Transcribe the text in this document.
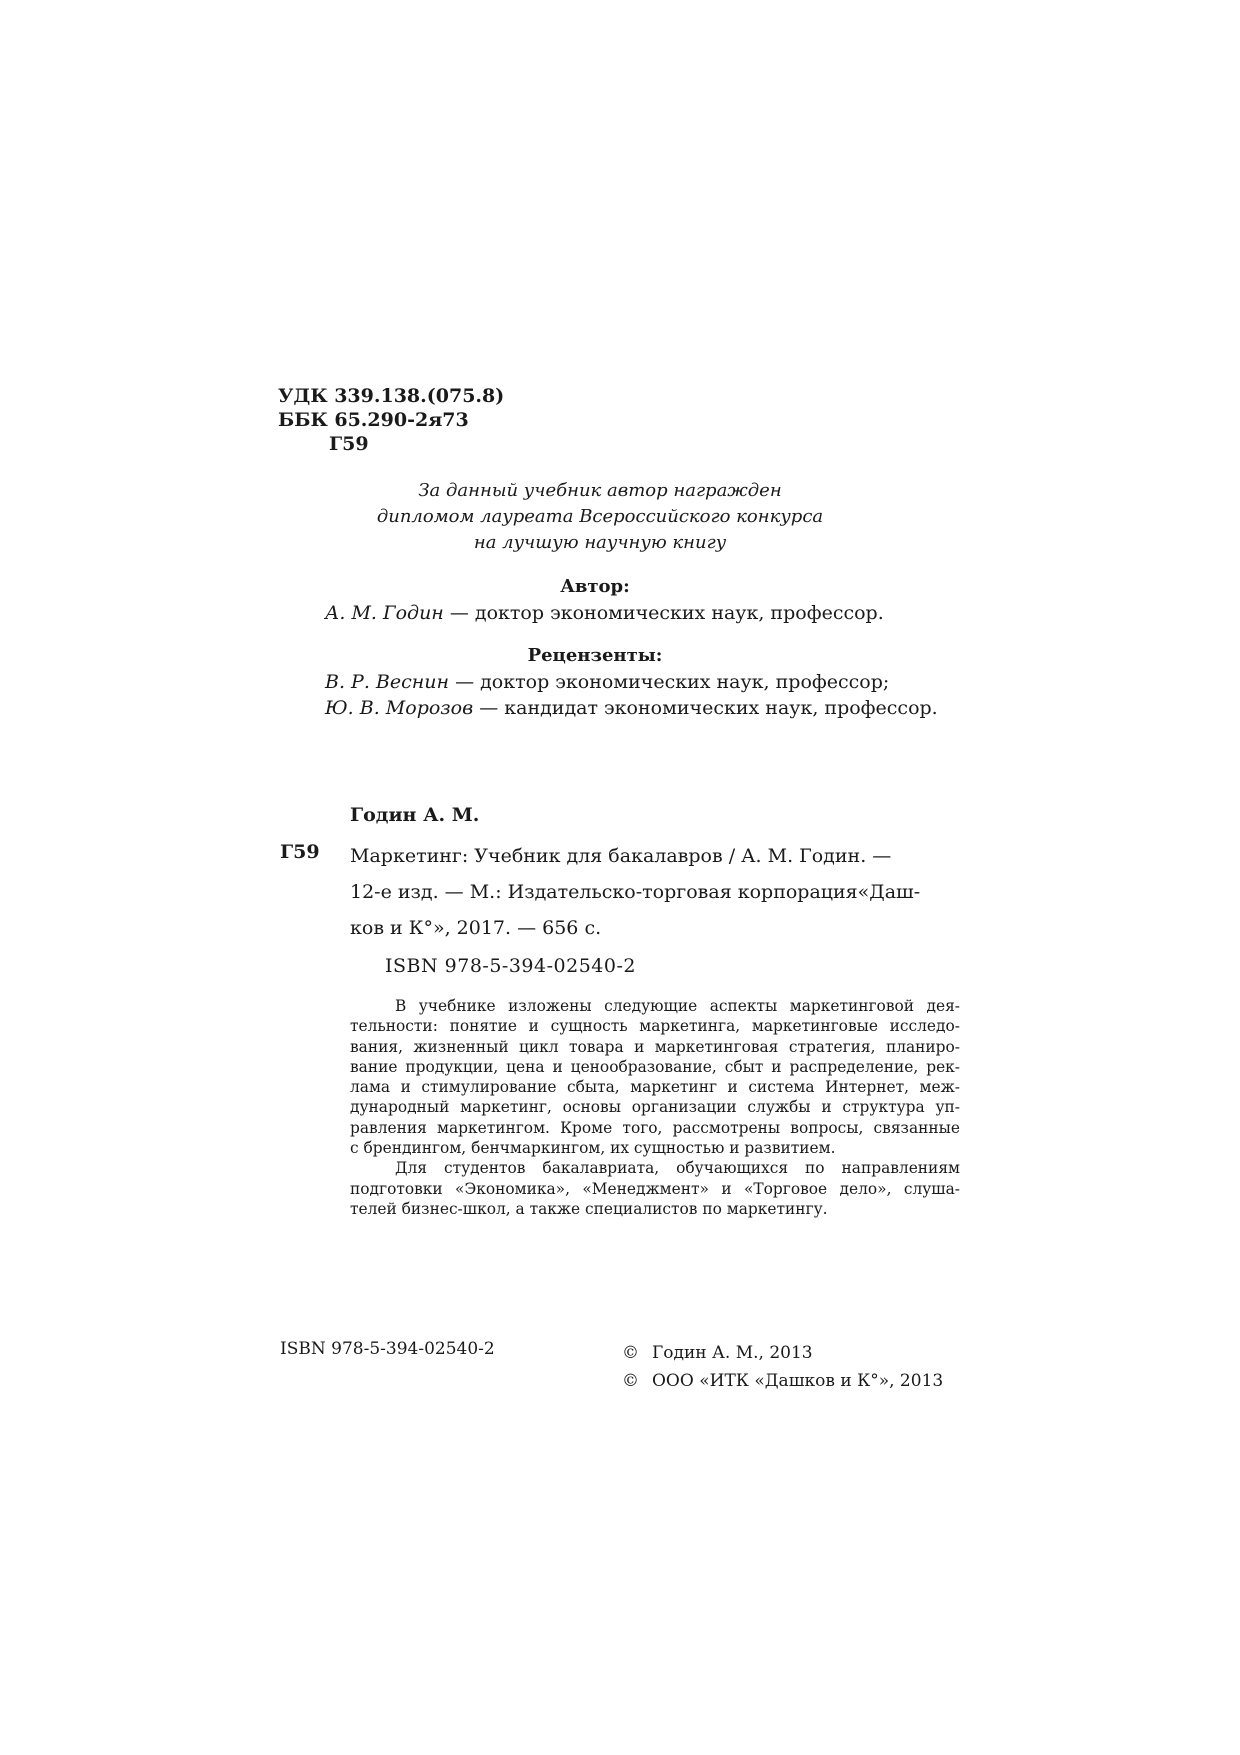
УДК 339.138.(075.8)
ББК 65.290-2я73
Г59
За данный учебник автор награжден
дипломом лауреата Всероссийского конкурса
на лучшую научную книгу
Автор:
А. М. Годин — доктор экономических наук, профессор.
Рецензенты:
В. Р. Веснин — доктор экономических наук, профессор;
Ю. В. Морозов — кандидат экономических наук, профессор.
Годин А. М.
Г59 Маркетинг: Учебник для бакалавров / А. М. Годин. —
12-е изд. — М.: Издательско-торговая корпорация«Даш-
ков и К°», 2017. — 656 с.
ISBN 978-5-394-02540-2
В учебнике изложены следующие аспекты маркетинговой дея-
тельности: понятие и сущность маркетинга, маркетинговые исследо-
вания, жизненный цикл товара и маркетинговая стратегия, планиро-
вание продукции, цена и ценообразование, сбыт и распределение, рек-
лама и стимулирование сбыта, маркетинг и система Интернет, меж-
дународный маркетинг, основы организации службы и структура уп-
равления маркетингом. Кроме того, рассмотрены вопросы, связанные
с брендингом, бенчмаркингом, их сущностью и развитием.
Для студентов бакалавриата, обучающихся по направлениям
подготовки «Экономика», «Менеджмент» и «Торговое дело», слуша-
телей бизнес-школ, а также специалистов по маркетингу.
ISBN 978-5-394-02540-2	© Годин А. М., 2013
© ООО «ИТК «Дашков и К°», 2013
